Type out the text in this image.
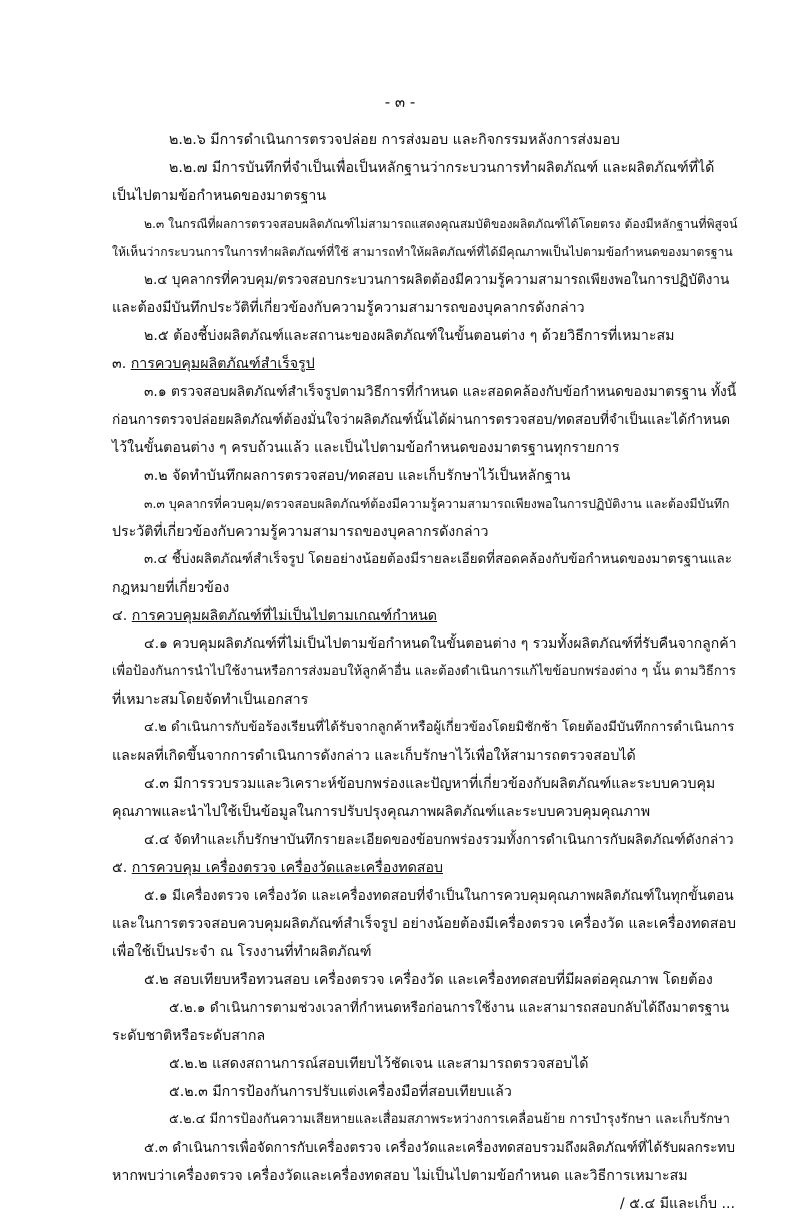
- ๓ -
๒.๒.๖ มีการดำเนินการตรวจปล่อย การส่งมอบ และกิจกรรมหลังการส่งมอบ
๒.๒.๗ มีการบันทึกที่จำเป็นเพื่อเป็นหลักฐานว่ากระบวนการทำผลิตภัณฑ์ และผลิตภัณฑ์ที่ได้
เป็นไปตามข้อกำหนดของมาตรฐาน
๒.๓ ในกรณีที่ผลการตรวจสอบผลิตภัณฑ์ไม่สามารถแสดงคุณสมบัติของผลิตภัณฑ์ได้โดยตรง ต้องมีหลักฐานที่พิสูจน์
ให้เห็นว่ากระบวนการในการทำผลิตภัณฑ์ที่ใช้ สามารถทำให้ผลิตภัณฑ์ที่ได้มีคุณภาพเป็นไปตามข้อกำหนดของมาตรฐาน
๒.๔ บุคลากรที่ควบคุม/ตรวจสอบกระบวนการผลิตต้องมีความรู้ความสามารถเพียงพอในการปฏิบัติงาน
และต้องมีบันทึกประวัติที่เกี่ยวข้องกับความรู้ความสามารถของบุคลากรดังกล่าว
๒.๕ ต้องชี้บ่งผลิตภัณฑ์และสถานะของผลิตภัณฑ์ในขั้นตอนต่าง ๆ ด้วยวิธีการที่เหมาะสม
๓. การควบคุมผลิตภัณฑ์สำเร็จรูป
๓.๑ ตรวจสอบผลิตภัณฑ์สำเร็จรูปตามวิธีการที่กำหนด และสอดคล้องกับข้อกำหนดของมาตรฐาน ทั้งนี้
ก่อนการตรวจปล่อยผลิตภัณฑ์ต้องมั่นใจว่าผลิตภัณฑ์นั้นได้ผ่านการตรวจสอบ/ทดสอบที่จำเป็นและได้กำหนด
ไว้ในขั้นตอนต่าง ๆ ครบถ้วนแล้ว และเป็นไปตามข้อกำหนดของมาตรฐานทุกรายการ
๓.๒ จัดทำบันทึกผลการตรวจสอบ/ทดสอบ และเก็บรักษาไว้เป็นหลักฐาน
๓.๓ บุคลากรที่ควบคุม/ตรวจสอบผลิตภัณฑ์ต้องมีความรู้ความสามารถเพียงพอในการปฏิบัติงาน และต้องมีบันทึก
ประวัติที่เกี่ยวข้องกับความรู้ความสามารถของบุคลากรดังกล่าว
๓.๔ ชี้บ่งผลิตภัณฑ์สำเร็จรูป โดยอย่างน้อยต้องมีรายละเอียดที่สอดคล้องกับข้อกำหนดของมาตรฐานและ
กฎหมายที่เกี่ยวข้อง
๔. การควบคุมผลิตภัณฑ์ที่ไม่เป็นไปตามเกณฑ์กำหนด
๔.๑ ควบคุมผลิตภัณฑ์ที่ไม่เป็นไปตามข้อกำหนดในขั้นตอนต่าง ๆ รวมทั้งผลิตภัณฑ์ที่รับคืนจากลูกค้า
เพื่อป้องกันการนำไปใช้งานหรือการส่งมอบให้ลูกค้าอื่น และต้องดำเนินการแก้ไขข้อบกพร่องต่าง ๆ นั้น ตามวิธีการ
ที่เหมาะสมโดยจัดทำเป็นเอกสาร
๔.๒ ดำเนินการกับข้อร้องเรียนที่ได้รับจากลูกค้าหรือผู้เกี่ยวข้องโดยมิชักช้า โดยต้องมีบันทึกการดำเนินการ
และผลที่เกิดขึ้นจากการดำเนินการดังกล่าว และเก็บรักษาไว้เพื่อให้สามารถตรวจสอบได้
๔.๓ มีการรวบรวมและวิเคราะห์ข้อบกพร่องและปัญหาที่เกี่ยวข้องกับผลิตภัณฑ์และระบบควบคุม
คุณภาพและนำไปใช้เป็นข้อมูลในการปรับปรุงคุณภาพผลิตภัณฑ์และระบบควบคุมคุณภาพ
๔.๔ จัดทำและเก็บรักษาบันทึกรายละเอียดของข้อบกพร่องรวมทั้งการดำเนินการกับผลิตภัณฑ์ดังกล่าว
๕. การควบคุม เครื่องตรวจ เครื่องวัดและเครื่องทดสอบ
๕.๑ มีเครื่องตรวจ เครื่องวัด และเครื่องทดสอบที่จำเป็นในการควบคุมคุณภาพผลิตภัณฑ์ในทุกขั้นตอน
และในการตรวจสอบควบคุมผลิตภัณฑ์สำเร็จรูป อย่างน้อยต้องมีเครื่องตรวจ เครื่องวัด และเครื่องทดสอบ
เพื่อใช้เป็นประจำ ณ โรงงานที่ทำผลิตภัณฑ์
๕.๒ สอบเทียบหรือทวนสอบ เครื่องตรวจ เครื่องวัด และเครื่องทดสอบที่มีผลต่อคุณภาพ โดยต้อง
๕.๒.๑ ดำเนินการตามช่วงเวลาที่กำหนดหรือก่อนการใช้งาน และสามารถสอบกลับได้ถึงมาตรฐาน
ระดับชาติหรือระดับสากล
๕.๒.๒ แสดงสถานการณ์สอบเทียบไว้ชัดเจน และสามารถตรวจสอบได้
๕.๒.๓ มีการป้องกันการปรับแต่งเครื่องมือที่สอบเทียบแล้ว
๕.๒.๔ มีการป้องกันความเสียหายและเสื่อมสภาพระหว่างการเคลื่อนย้าย การบำรุงรักษา และเก็บรักษา
๕.๓ ดำเนินการเพื่อจัดการกับเครื่องตรวจ เครื่องวัดและเครื่องทดสอบรวมถึงผลิตภัณฑ์ที่ได้รับผลกระทบ
หากพบว่าเครื่องตรวจ เครื่องวัดและเครื่องทดสอบ ไม่เป็นไปตามข้อกำหนด และวิธีการเหมาะสม
/ ๕.๔ มีและเก็บ ...
